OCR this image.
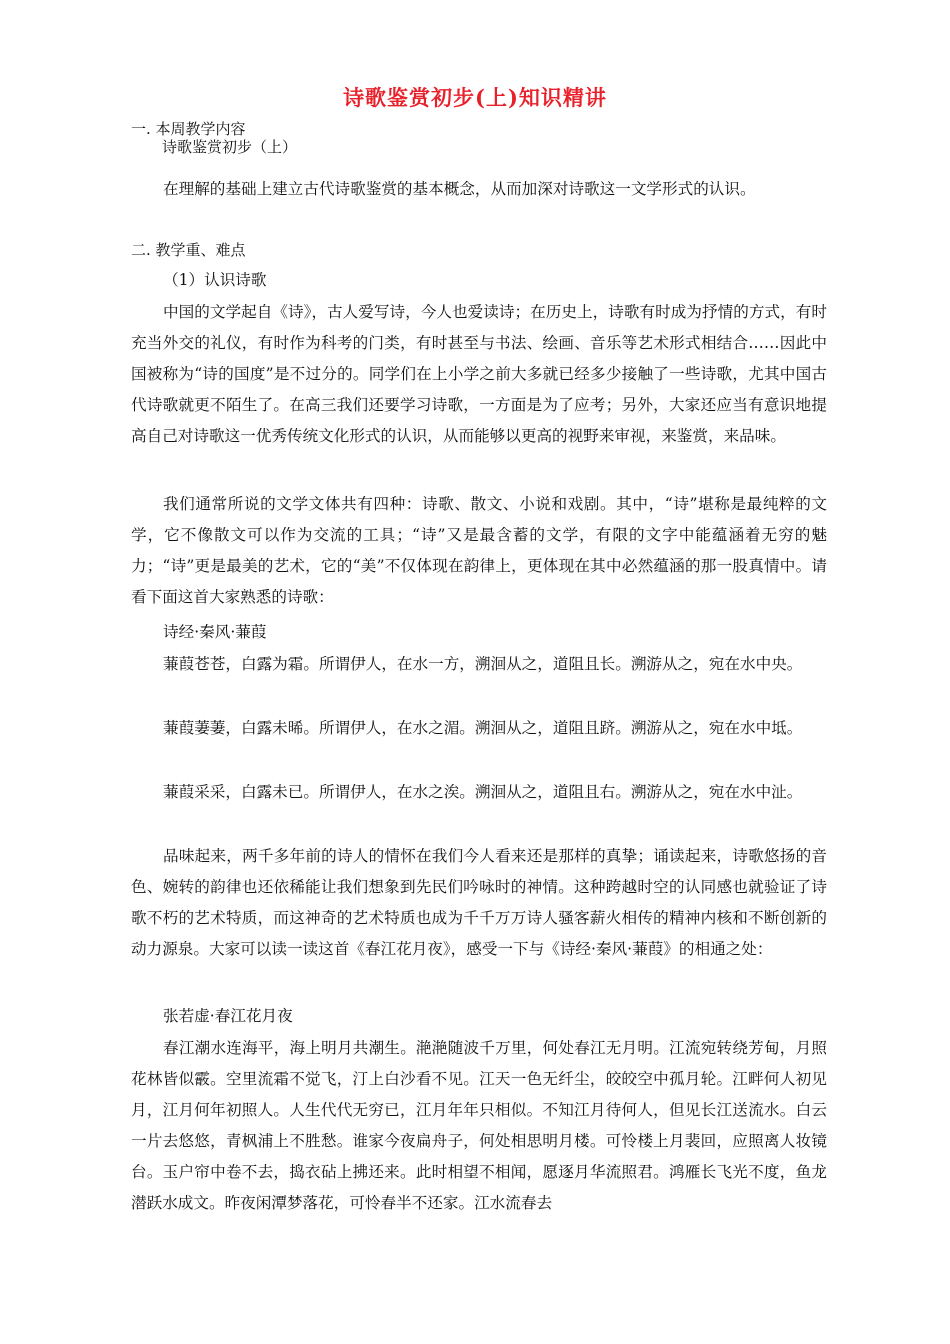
诗歌鉴赏初步(上)知识精讲
一. 本周教学内容
诗歌鉴赏初步（上）
在理解的基础上建立古代诗歌鉴赏的基本概念，从而加深对诗歌这一文学形式的认识。
二. 教学重、难点
（1）认识诗歌
中国的文学起自《诗》，古人爱写诗，今人也爱读诗；在历史上，诗歌有时成为抒情的方式，有时充当外交的礼仪，有时作为科考的门类，有时甚至与书法、绘画、音乐等艺术形式相结合……因此中国被称为“诗的国度”是不过分的。同学们在上小学之前大多就已经多少接触了一些诗歌，尤其中国古代诗歌就更不陌生了。在高三我们还要学习诗歌，一方面是为了应考；另外，大家还应当有意识地提高自己对诗歌这一优秀传统文化形式的认识，从而能够以更高的视野来审视，来鉴赏，来品味。
我们通常所说的文学文体共有四种：诗歌、散文、小说和戏剧。其中，“诗”堪称是最纯粹的文学，它不像散文可以作为交流的工具；“诗”又是最含蓄的文学，有限的文字中能蕴涵着无穷的魅力；“诗”更是最美的艺术，它的“美”不仅体现在韵律上，更体现在其中必然蕴涵的那一股真情中。请看下面这首大家熟悉的诗歌：
诗经·秦风·蒹葭
蒹葭苍苍，白露为霜。所谓伊人，在水一方，溯洄从之，道阻且长。溯游从之，宛在水中央。
蒹葭萋萋，白露未晞。所谓伊人，在水之湄。溯洄从之，道阻且跻。溯游从之，宛在水中坻。
蒹葭采采，白露未已。所谓伊人，在水之涘。溯洄从之，道阻且右。溯游从之，宛在水中沚。
品味起来，两千多年前的诗人的情怀在我们今人看来还是那样的真挚；诵读起来，诗歌悠扬的音色、婉转的韵律也还依稀能让我们想象到先民们吟咏时的神情。这种跨越时空的认同感也就验证了诗歌不朽的艺术特质，而这神奇的艺术特质也成为千千万万诗人骚客薪火相传的精神内核和不断创新的动力源泉。大家可以读一读这首《春江花月夜》，感受一下与《诗经·秦风·蒹葭》的相通之处：
张若虚·春江花月夜
春江潮水连海平，海上明月共潮生。滟滟随波千万里，何处春江无月明。江流宛转绕芳甸，月照花林皆似霰。空里流霜不觉飞，汀上白沙看不见。江天一色无纤尘，皎皎空中孤月轮。江畔何人初见月，江月何年初照人。人生代代无穷已，江月年年只相似。不知江月待何人，但见长江送流水。白云一片去悠悠，青枫浦上不胜愁。谁家今夜扁舟子，何处相思明月楼。可怜楼上月裴回，应照离人妆镜台。玉户帘中卷不去，捣衣砧上拂还来。此时相望不相闻，愿逐月华流照君。鸿雁长飞光不度，鱼龙潜跃水成文。昨夜闲潭梦落花，可怜春半不还家。江水流春去
